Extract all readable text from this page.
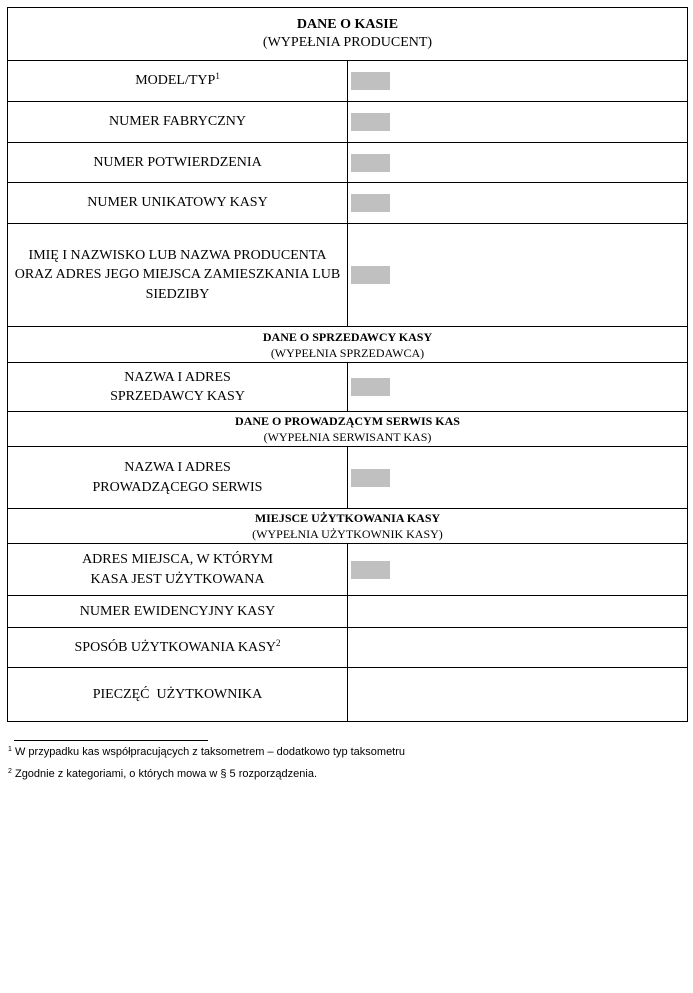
DANE O KASIE
(WYPEŁNIA PRODUCENT)	

MODEL/TYP$^1$	

NUMER FABRYCZNY	

NUMER POTWIERDZENIA	

NUMER UNIKATOWY KASY	

IMIĘ I NAZWISKO LUB NAZWA PRODUCENTA ORAZ ADRES JEGO MIEJSCA ZAMIESZKANIA LUB SIEDZIBY	

DANE O SPRZEDAWCY KASY
(WYPEŁNIA SPRZEDAWCA)	

NAZWA I ADRES SPRZEDAWCY KASY	

DANE O PROWADZĄCYM SERWIS KAS
(WYPEŁNIA SERWISANT KAS)	

NAZWA I ADRES PROWADZĄCEGO SERWIS	

MIEJSCE UŻYTKOWANIA KASY
(WYPEŁNIA UŻYTKOWNIK KASY)	

ADRES MIEJSCA, W KTÓRYM KASA JEST UŻYTKOWANA	

NUMER EWIDENCYJNY KASY	
SPOSÓB UŻYTKOWANIA KASY$^2$	
PIECZĘĆ  UŻYTKOWNIKA	
$^1$ W przypadku kas współpracujących z taksometrem – dodatkowo typ taksometru
$^2$ Zgodnie z kategoriami, o których mowa w § 5 rozporządzenia.
